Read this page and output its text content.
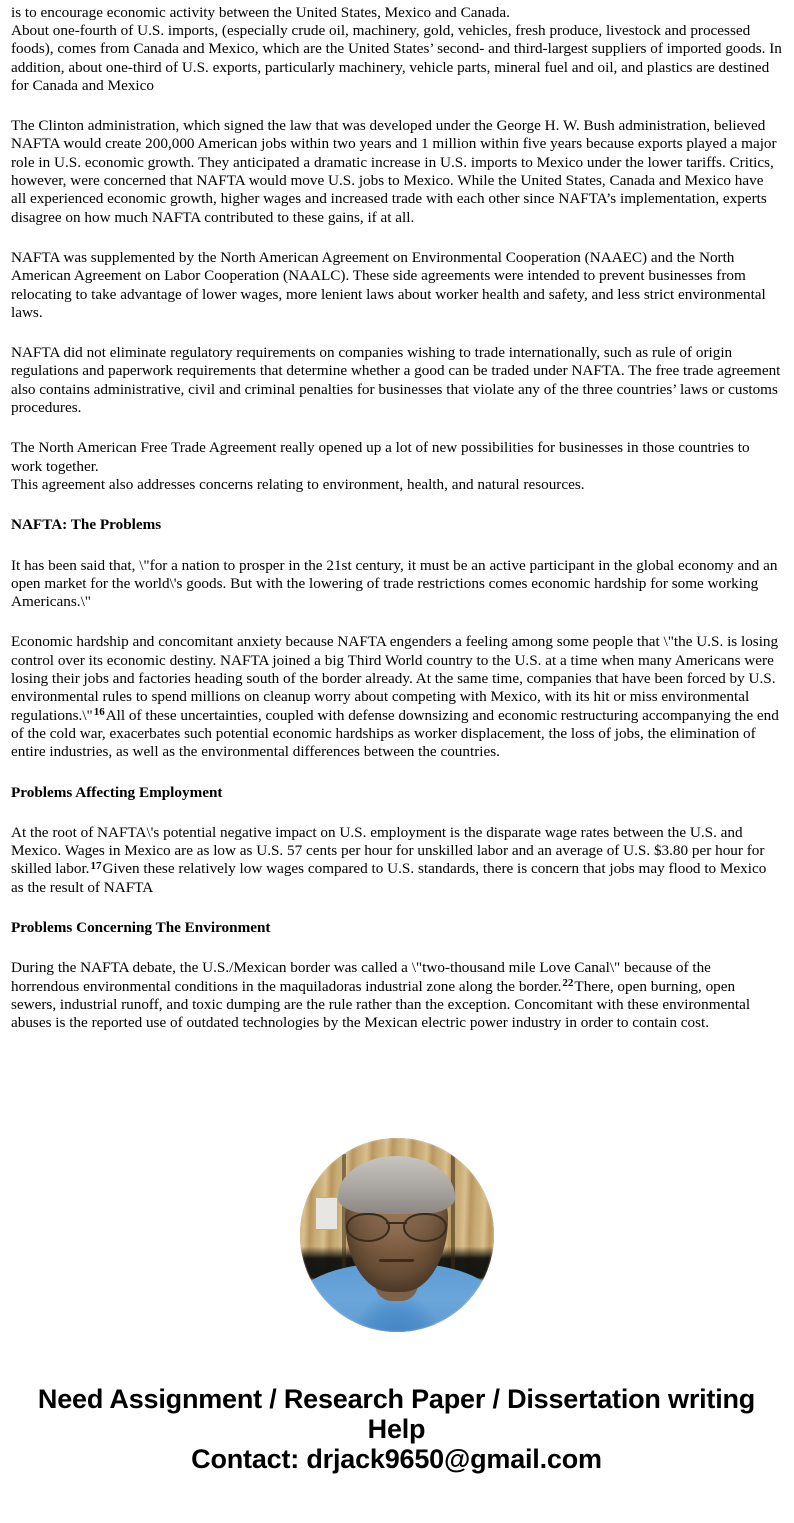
is to encourage economic activity between the United States, Mexico and Canada.

About one-fourth of U.S. imports, (especially crude oil, machinery, gold, vehicles, fresh produce, livestock and processed foods), comes from Canada and Mexico, which are the United States’ second- and third-largest suppliers of imported goods. In addition, about one-third of U.S. exports, particularly machinery, vehicle parts, mineral fuel and oil, and plastics are destined for Canada and Mexico

The Clinton administration, which signed the law that was developed under the George H. W. Bush administration, believed NAFTA would create 200,000 American jobs within two years and 1 million within five years because exports played a major role in U.S. economic growth. They anticipated a dramatic increase in U.S. imports to Mexico under the lower tariffs. Critics, however, were concerned that NAFTA would move U.S. jobs to Mexico. While the United States, Canada and Mexico have all experienced economic growth, higher wages and increased trade with each other since NAFTA’s implementation, experts disagree on how much NAFTA contributed to these gains, if at all.

NAFTA was supplemented by the North American Agreement on Environmental Cooperation (NAAEC) and the North American Agreement on Labor Cooperation (NAALC). These side agreements were intended to prevent businesses from relocating to take advantage of lower wages, more lenient laws about worker health and safety, and less strict environmental laws.

NAFTA did not eliminate regulatory requirements on companies wishing to trade internationally, such as rule of origin regulations and paperwork requirements that determine whether a good can be traded under NAFTA. The free trade agreement also contains administrative, civil and criminal penalties for businesses that violate any of the three countries’ laws or customs procedures.

The North American Free Trade Agreement really opened up a lot of new possibilities for businesses in those countries to work together.

This agreement also addresses concerns relating to environment, health, and natural resources.

NAFTA: The Problems

It has been said that, \"for a nation to prosper in the 21st century, it must be an active participant in the global economy and an open market for the world\'s goods. But with the lowering of trade restrictions comes economic hardship for some working Americans.\"

Economic hardship and concomitant anxiety because NAFTA engenders a feeling among some people that \"the U.S. is losing control over its economic destiny. NAFTA joined a big Third World country to the U.S. at a time when many Americans were losing their jobs and factories heading south of the border already. At the same time, companies that have been forced by U.S. environmental rules to spend millions on cleanup worry about competing with Mexico, with its hit or miss environmental regulations.\"$^{16}$All of these uncertainties, coupled with defense downsizing and economic restructuring accompanying the end of the cold war, exacerbates such potential economic hardships as worker displacement, the loss of jobs, the elimination of entire industries, as well as the environmental differences between the countries.

Problems Affecting Employment

At the root of NAFTA\'s potential negative impact on U.S. employment is the disparate wage rates between the U.S. and Mexico. Wages in Mexico are as low as U.S. 57 cents per hour for unskilled labor and an average of U.S. $3.80 per hour for skilled labor.$^{17}$Given these relatively low wages compared to U.S. standards, there is concern that jobs may flood to Mexico as the result of NAFTA

Problems Concerning The Environment

During the NAFTA debate, the U.S./Mexican border was called a \"two-thousand mile Love Canal\" because of the horrendous environmental conditions in the maquiladoras industrial zone along the border.$^{22}$There, open burning, open sewers, industrial runoff, and toxic dumping are the rule rather than the exception. Concomitant with these environmental abuses is the reported use of outdated technologies by the Mexican electric power industry in order to contain cost.

Need Assignment / Research Paper / Dissertation writing Help
Contact: drjack9650@gmail.com
